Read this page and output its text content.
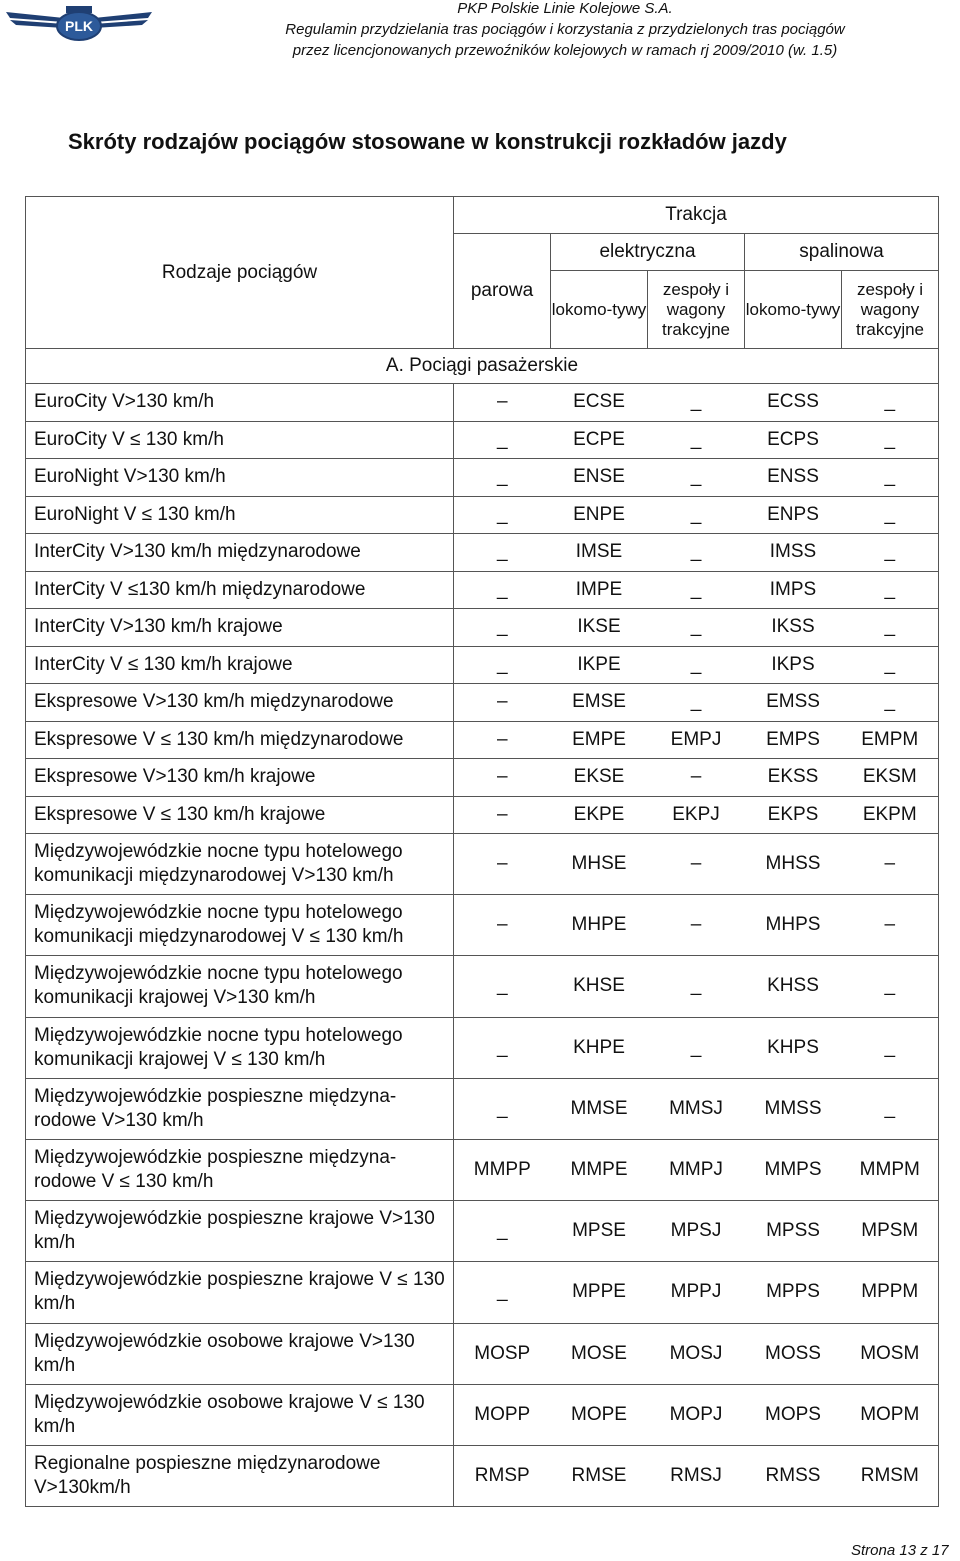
PLK
PKP Polskie Linie Kolejowe S.A.
Regulamin przydzielania tras pociągów i korzystania z przydzielonych tras pociągów
przez licencjonowanych przewoźników kolejowych w ramach rj 2009/2010 (w. 1.5)
Skróty rodzajów pociągów stosowane w konstrukcji rozkładów jazdy
Rodzaje pociągów	Trakcja				
	parowa	elektryczna		spalinowa	
		lokomo-tywy	zespoły i wagony trakcyjne	lokomo-tywy	zespoły i wagony trakcyjne
A. Pociągi pasażerskie					
EuroCity V>130 km/h	–	ECSE	_	ECSS	_
EuroCity V ≤ 130 km/h	_	ECPE	_	ECPS	_
EuroNight V>130 km/h	_	ENSE	_	ENSS	_
EuroNight V ≤ 130 km/h	_	ENPE	_	ENPS	_
InterCity V>130 km/h międzynarodowe	_	IMSE	_	IMSS	_
InterCity V ≤130 km/h międzynarodowe	_	IMPE	_	IMPS	_
InterCity V>130 km/h krajowe	_	IKSE	_	IKSS	_
InterCity V ≤ 130 km/h krajowe	_	IKPE	_	IKPS	_
Ekspresowe V>130 km/h międzynarodowe	–	EMSE	_	EMSS	_
Ekspresowe V ≤ 130 km/h międzynarodowe	–	EMPE	EMPJ	EMPS	EMPM
Ekspresowe V>130 km/h krajowe	–	EKSE	–	EKSS	EKSM
Ekspresowe V ≤ 130 km/h krajowe	–	EKPE	EKPJ	EKPS	EKPM
Międzywojewódzkie nocne typu hotelowego komunikacji międzynarodowej V>130 km/h	–	MHSE	–	MHSS	–
Międzywojewódzkie nocne typu hotelowego komunikacji międzynarodowej V ≤ 130 km/h	–	MHPE	–	MHPS	–
Międzywojewódzkie nocne typu hotelowego komunikacji krajowej V>130 km/h	_	KHSE	_	KHSS	_
Międzywojewódzkie nocne typu hotelowego komunikacji krajowej V ≤ 130 km/h	_	KHPE	_	KHPS	_
Międzywojewódzkie pospieszne międzyna-rodowe V>130 km/h	_	MMSE	MMSJ	MMSS	_
Międzywojewódzkie pospieszne międzyna-rodowe V ≤ 130 km/h	MMPP	MMPE	MMPJ	MMPS	MMPM
Międzywojewódzkie pospieszne krajowe V>130 km/h	_	MPSE	MPSJ	MPSS	MPSM
Międzywojewódzkie pospieszne krajowe V ≤ 130 km/h	_	MPPE	MPPJ	MPPS	MPPM
Międzywojewódzkie osobowe krajowe V>130 km/h	MOSP	MOSE	MOSJ	MOSS	MOSM
Międzywojewódzkie osobowe krajowe V ≤ 130 km/h	MOPP	MOPE	MOPJ	MOPS	MOPM
Regionalne pospieszne międzynarodowe V>130km/h	RMSP	RMSE	RMSJ	RMSS	RMSM
Strona 13 z 17
